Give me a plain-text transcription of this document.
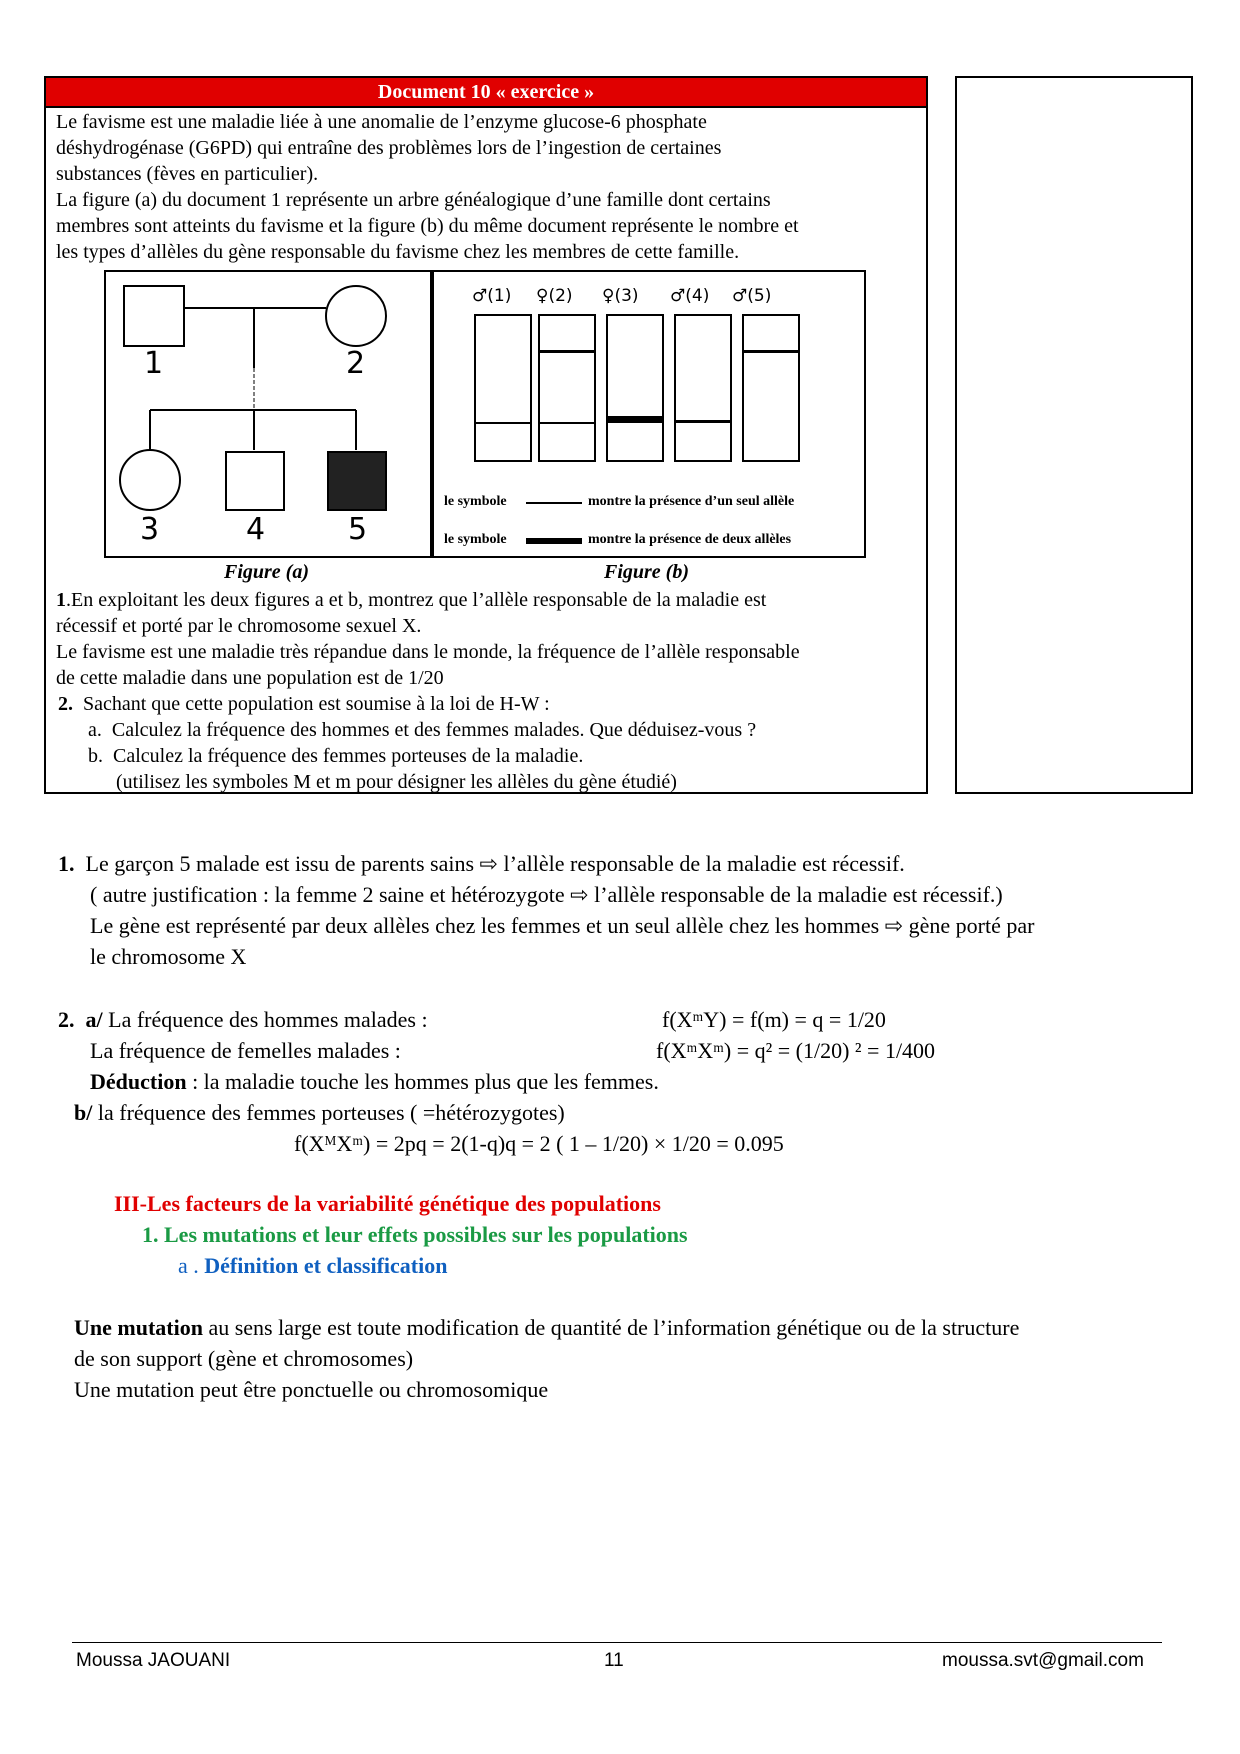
Document 10 « exercice »
Le favisme est une maladie liée à une anomalie de l’enzyme glucose-6 phosphate
déshydrogénase (G6PD) qui entraîne des problèmes lors de l’ingestion de certaines
substances (fèves en particulier).
La figure (a) du document 1 représente un arbre généalogique d’une famille dont certains
membres sont atteints du favisme et la figure (b) du même document représente le nombre et
les types d’allèles du gène responsable du favisme chez les membres de cette famille.
1	2
3	4	5
♂(1) ♀(2) ♀(3) ♂(4) ♂(5)
le symbole	montre la présence d’un seul allèle
le symbole	montre la présence de deux allèles
Figure (a)	Figure (b)
1.En exploitant les deux figures a et b, montrez que l’allèle responsable de la maladie est
récessif et porté par le chromosome sexuel X.
Le favisme est une maladie très répandue dans le monde, la fréquence de l’allèle responsable
de cette maladie dans une population est de 1/20
2. Sachant que cette population est soumise à la loi de H-W :
a. Calculez la fréquence des hommes et des femmes malades. Que déduisez-vous ?
b. Calculez la fréquence des femmes porteuses de la maladie.
(utilisez les symboles M et m pour désigner les allèles du gène étudié)
1. Le garçon 5 malade est issu de parents sains ⇨ l’allèle responsable de la maladie est récessif.
( autre justification : la femme 2 saine et hétérozygote ⇨ l’allèle responsable de la maladie est récessif.)
Le gène est représenté par deux allèles chez les femmes et un seul allèle chez les hommes ⇨ gène porté par
le chromosome X
2. a/ La fréquence des hommes malades :	f(XᵐY) = f(m) = q = 1/20
La fréquence de femelles malades :	f(XᵐXᵐ) = q² = (1/20) ² = 1/400
Déduction : la maladie touche les hommes plus que les femmes.
b/ la fréquence des femmes porteuses ( =hétérozygotes)
f(XᴹXᵐ) = 2pq = 2(1-q)q = 2 ( 1 – 1/20) × 1/20 = 0.095
III-Les facteurs de la variabilité génétique des populations
1. Les mutations et leur effets possibles sur les populations
a . Définition et classification
Une mutation au sens large est toute modification de quantité de l’information génétique ou de la structure
de son support (gène et chromosomes)
Une mutation peut être ponctuelle ou chromosomique
Moussa JAOUANI	11	moussa.svt@gmail.com
